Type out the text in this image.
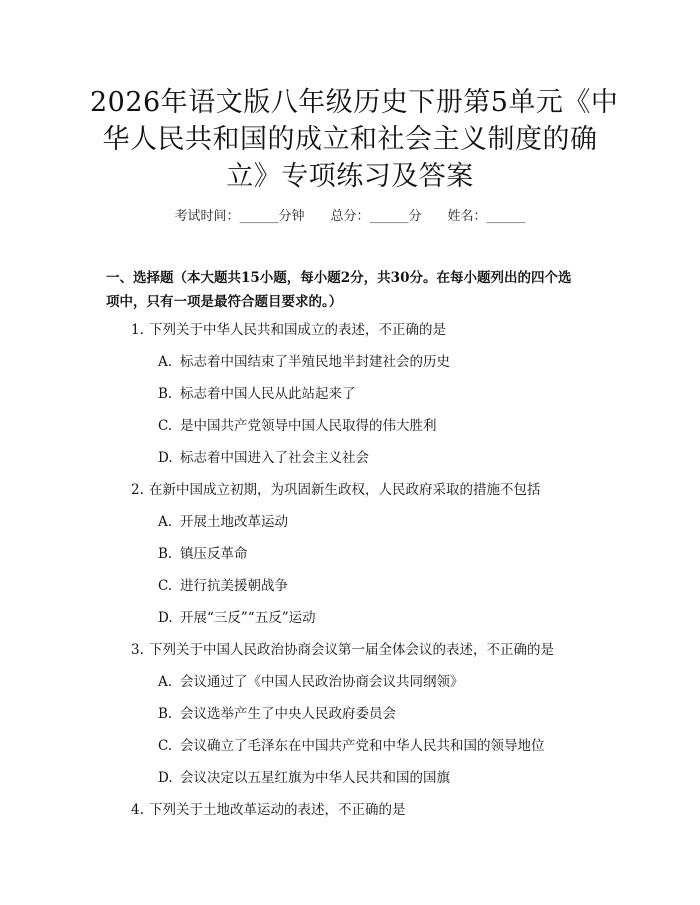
2026年语文版八年级历史下册第5单元《中
华人民共和国的成立和社会主义制度的确
立》专项练习及答案
考试时间：______分钟 总分：______分 姓名：______
一、选择题（本大题共15小题，每小题2分，共30分。在每小题列出的四个选
项中，只有一项是最符合题目要求的。）
1. 下列关于中华人民共和国成立的表述，不正确的是
A. 标志着中国结束了半殖民地半封建社会的历史
B. 标志着中国人民从此站起来了
C. 是中国共产党领导中国人民取得的伟大胜利
D. 标志着中国进入了社会主义社会
2. 在新中国成立初期，为巩固新生政权，人民政府采取的措施不包括
A. 开展土地改革运动
B. 镇压反革命
C. 进行抗美援朝战争
D. 开展“三反”“五反”运动
3. 下列关于中国人民政治协商会议第一届全体会议的表述，不正确的是
A. 会议通过了《中国人民政治协商会议共同纲领》
B. 会议选举产生了中央人民政府委员会
C. 会议确立了毛泽东在中国共产党和中华人民共和国的领导地位
D. 会议决定以五星红旗为中华人民共和国的国旗
4. 下列关于土地改革运动的表述，不正确的是
